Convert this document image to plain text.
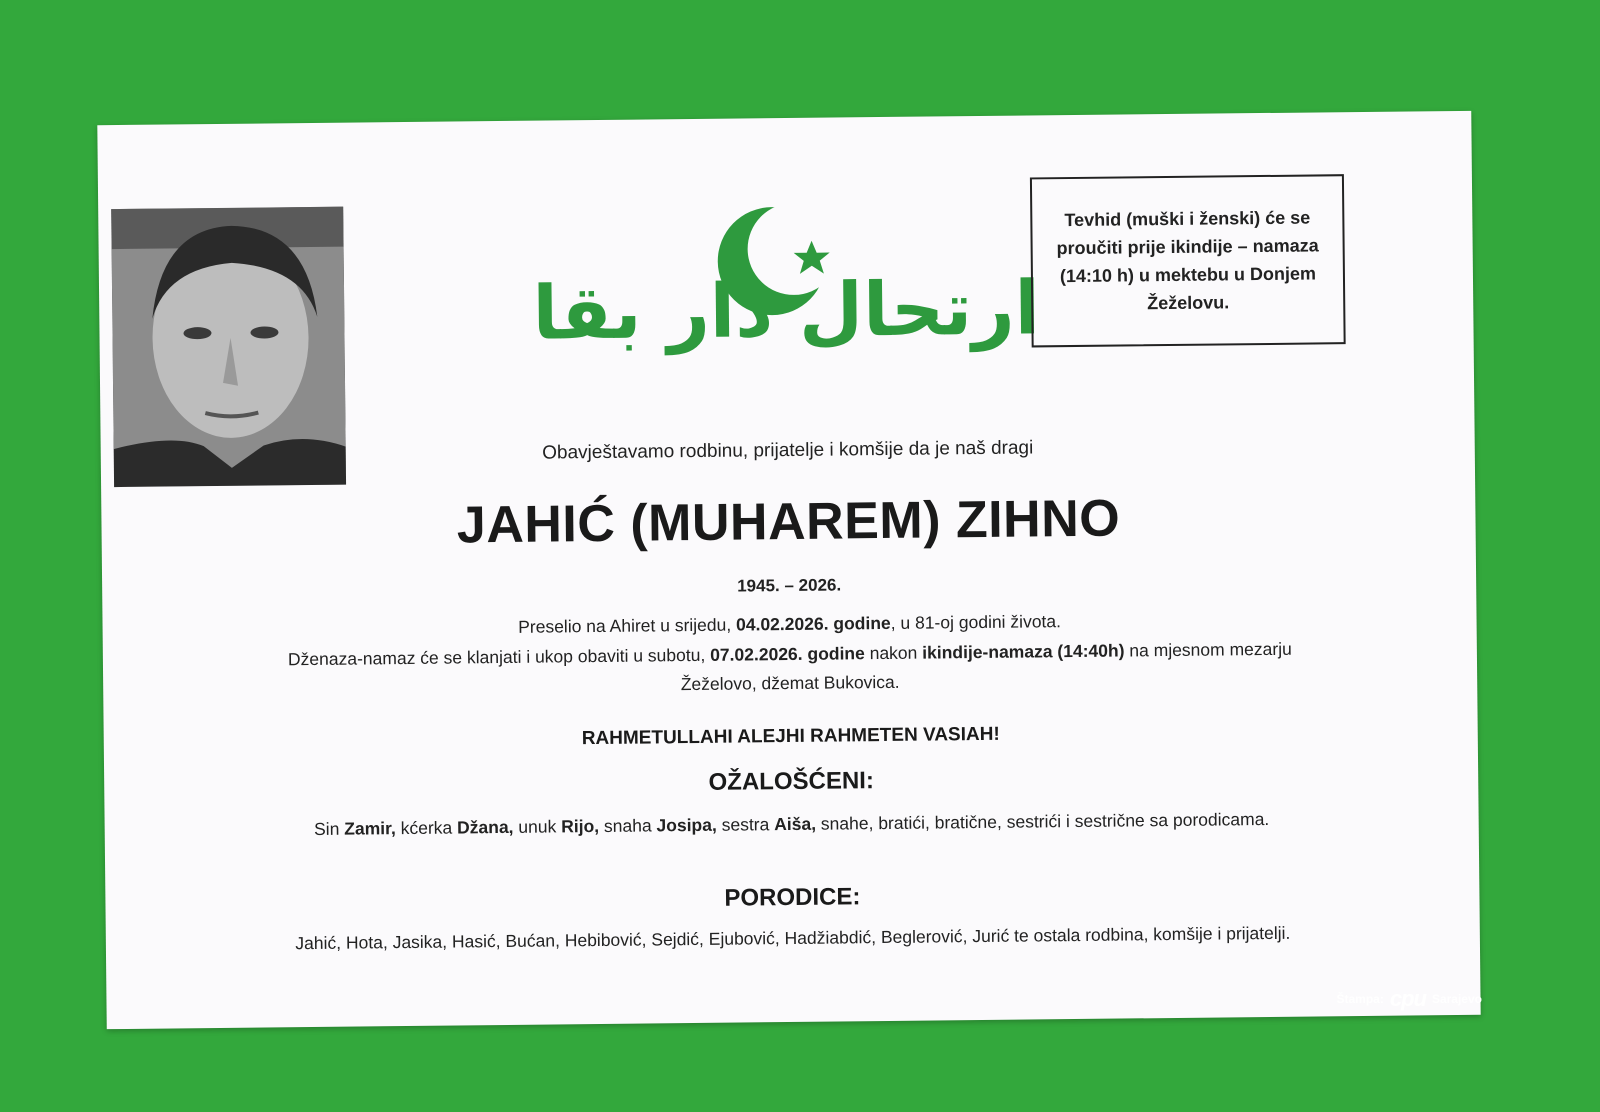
ارتحال دار بقا

Tevhid (muški i ženski) će se proučiti prije ikindije – namaza (14:10 h) u mektebu u Donjem Žeželovu.

Obavještavamo rodbinu, prijatelje i komšije da je naš dragi
JAHIĆ (MUHAREM) ZIHNO
1945. – 2026.
Preselio na Ahiret u srijedu, 04.02.2026. godine, u 81-oj godini života.
Dženaza-namaz će se klanjati i ukop obaviti u subotu, 07.02.2026. godine nakon ikindije-namaza (14:40h) na mjesnom mezarju Žeželovo, džemat Bukovica.
RAHMETULLAHI ALEJHI RAHMETEN VASIAH!
OŽALOŠĆENI:
Sin Zamir, kćerka Džana, unuk Rijo, snaha Josipa, sestra Aiša, snahe, bratići, bratične, sestrići i sestrične sa porodicama.
PORODICE:
Jahić, Hota, Jasika, Hasić, Bućan, Hebibović, Sejdić, Ejubović, Hadžiabdić, Beglerović, Jurić te ostala rodbina, komšije i prijatelji.
Štampa: cpu Sarajevo
